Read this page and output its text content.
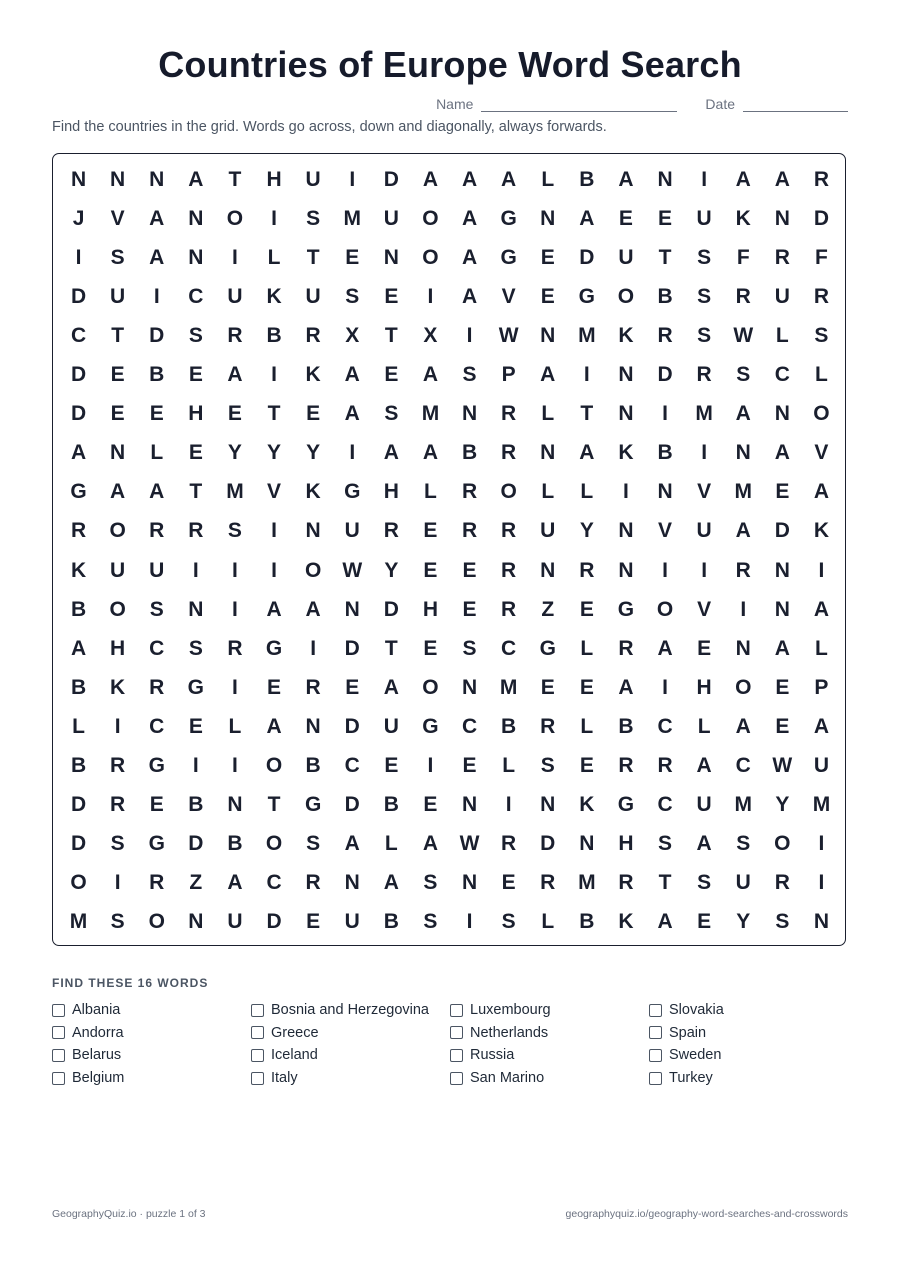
Countries of Europe Word Search
Name	Date
Find the countries in the grid. Words go across, down and diagonally, always forwards.
N	N	N	A	T	H	U	I	D	A	A	A	L	B	A	N	I	A	A	R
J	V	A	N	O	I	S	M	U	O	A	G	N	A	E	E	U	K	N	D
I	S	A	N	I	L	T	E	N	O	A	G	E	D	U	T	S	F	R	F
D	U	I	C	U	K	U	S	E	I	A	V	E	G	O	B	S	R	U	R
C	T	D	S	R	B	R	X	T	X	I	W	N	M	K	R	S	W	L	S
D	E	B	E	A	I	K	A	E	A	S	P	A	I	N	D	R	S	C	L
D	E	E	H	E	T	E	A	S	M	N	R	L	T	N	I	M	A	N	O
A	N	L	E	Y	Y	Y	I	A	A	B	R	N	A	K	B	I	N	A	V
G	A	A	T	M	V	K	G	H	L	R	O	L	L	I	N	V	M	E	A
R	O	R	R	S	I	N	U	R	E	R	R	U	Y	N	V	U	A	D	K
K	U	U	I	I	I	O	W	Y	E	E	R	N	R	N	I	I	R	N	I
B	O	S	N	I	A	A	N	D	H	E	R	Z	E	G	O	V	I	N	A
A	H	C	S	R	G	I	D	T	E	S	C	G	L	R	A	E	N	A	L
B	K	R	G	I	E	R	E	A	O	N	M	E	E	A	I	H	O	E	P
L	I	C	E	L	A	N	D	U	G	C	B	R	L	B	C	L	A	E	A
B	R	G	I	I	O	B	C	E	I	E	L	S	E	R	R	A	C	W	U
D	R	E	B	N	T	G	D	B	E	N	I	N	K	G	C	U	M	Y	M
D	S	G	D	B	O	S	A	L	A	W	R	D	N	H	S	A	S	O	I
O	I	R	Z	A	C	R	N	A	S	N	E	R	M	R	T	S	U	R	I
M	S	O	N	U	D	E	U	B	S	I	S	L	B	K	A	E	Y	S	N
FIND THESE 16 WORDS
Albania
Andorra
Belarus
Belgium
Bosnia and Herzegovina
Greece
Iceland
Italy
Luxembourg
Netherlands
Russia
San Marino
Slovakia
Spain
Sweden
Turkey
GeographyQuiz.io · puzzle 1 of 3	geographyquiz.io/geography-word-searches-and-crosswords
